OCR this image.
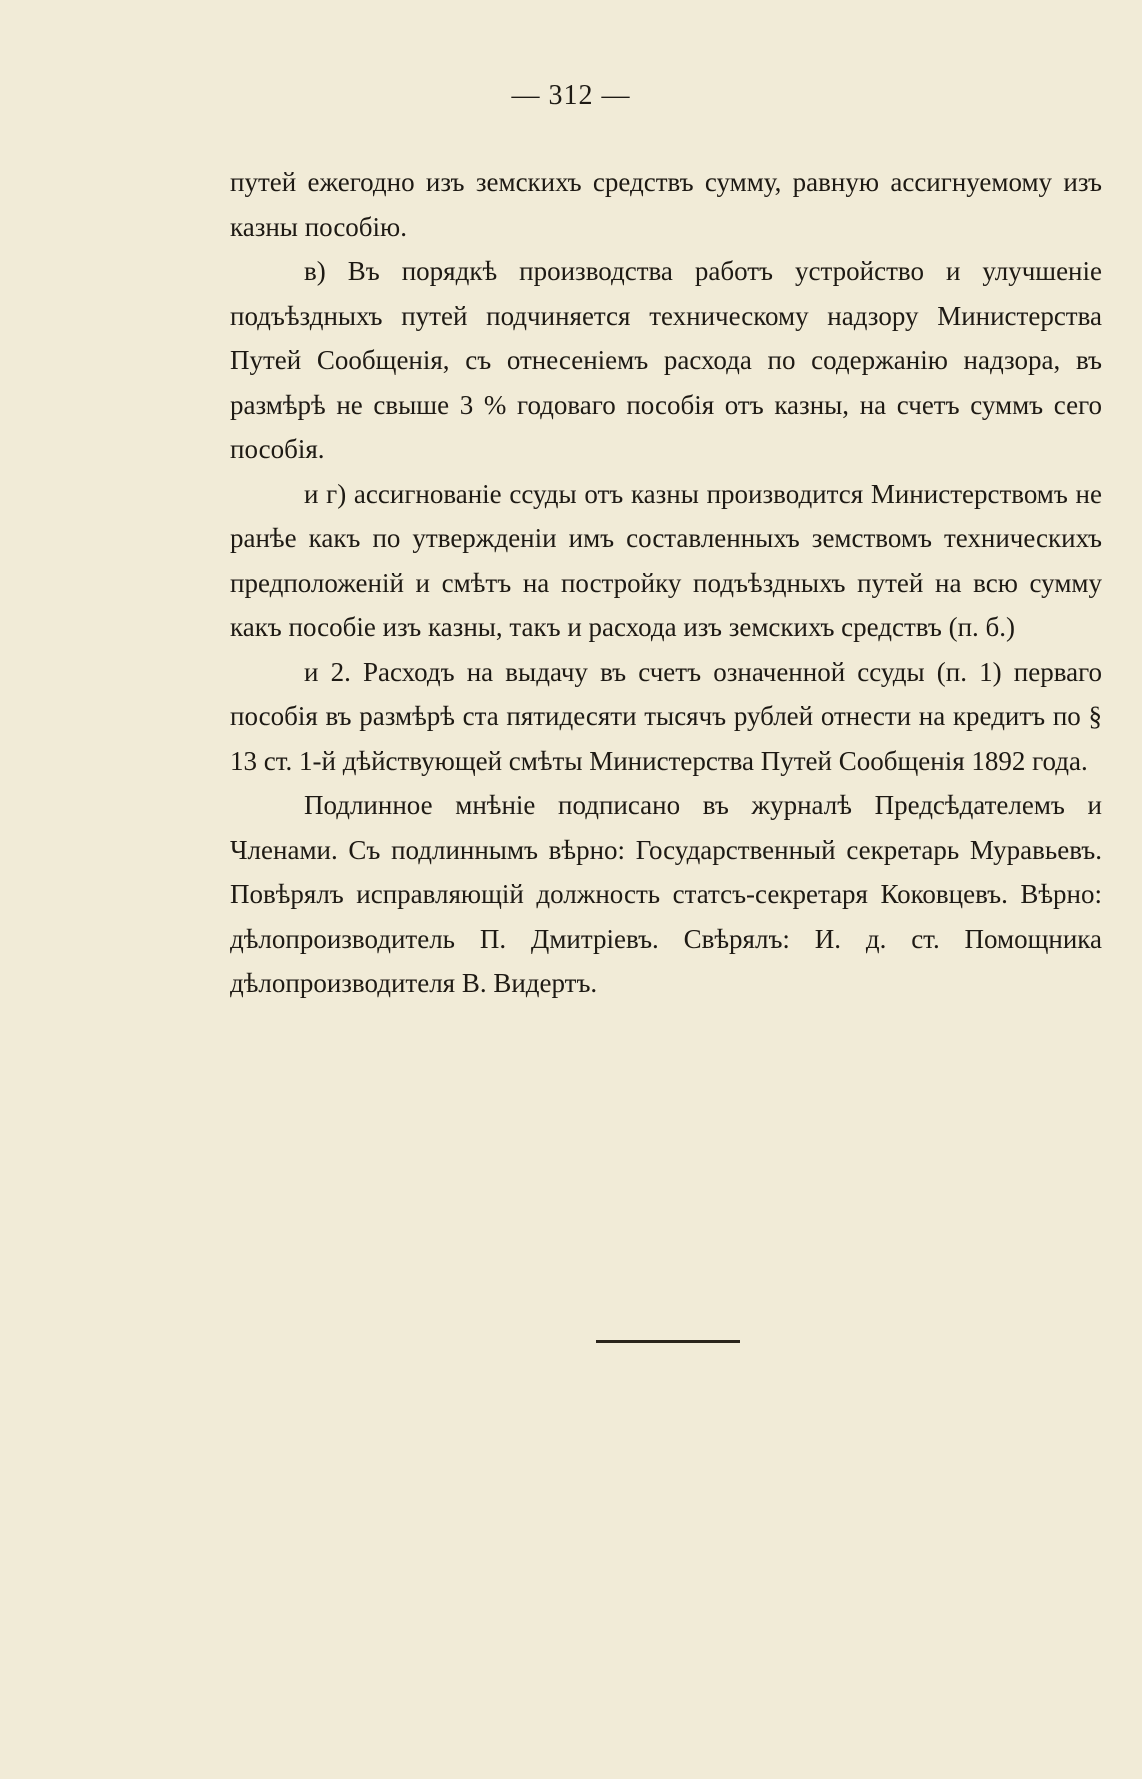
— 312 —

путей ежегодно изъ земскихъ средствъ сумму, равную ассигнуемому изъ казны пособію.

в) Въ порядкѣ производства работъ устройство и улучшеніе подъѣздныхъ путей подчиняется техническому надзору Министерства Путей Сообщенія, съ отнесеніемъ расхода по содержанію надзора, въ размѣрѣ не свыше 3 % годоваго пособія отъ казны, на счетъ суммъ сего пособія.

и г) ассигнованіе ссуды отъ казны производится Министерствомъ не ранѣе какъ по утвержденіи имъ составленныхъ земствомъ техническихъ предположеній и смѣтъ на постройку подъѣздныхъ путей на всю сумму какъ пособіе изъ казны, такъ и расхода изъ земскихъ средствъ (п. б.)

и 2. Расходъ на выдачу въ счетъ означенной ссуды (п. 1) перваго пособія въ размѣрѣ ста пятидесяти тысячъ рублей отнести на кредитъ по § 13 ст. 1-й дѣйствующей смѣты Министерства Путей Сообщенія 1892 года.

Подлинное мнѣніе подписано въ журналѣ Предсѣдателемъ и Членами. Съ подлиннымъ вѣрно: Государственный секретарь Муравьевъ. Повѣрялъ исправляющій должность статсъ-секретаря Коковцевъ. Вѣрно: дѣлопроизводитель П. Дмитріевъ. Свѣрялъ: И. д. ст. Помощника дѣлопроизводителя В. Видертъ.
